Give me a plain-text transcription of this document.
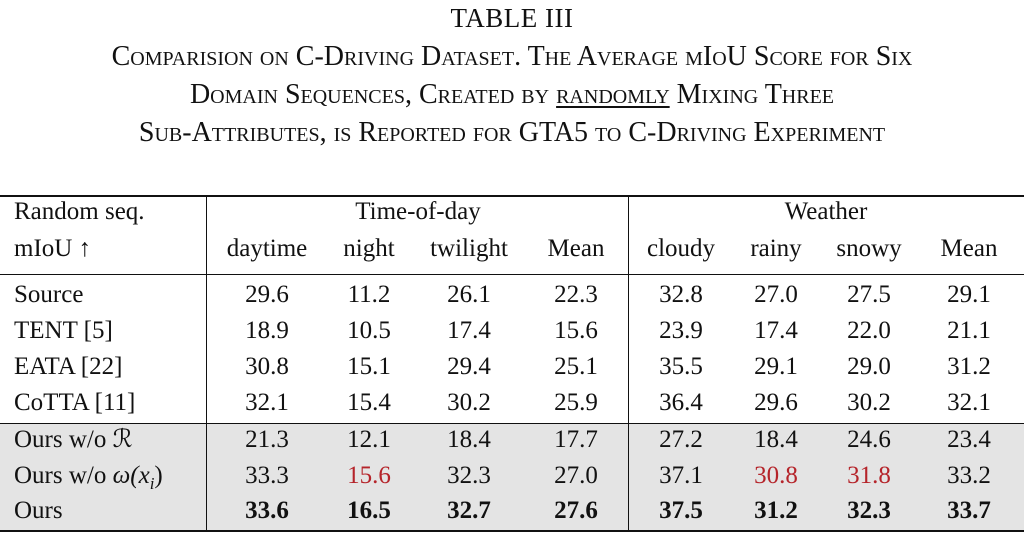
TABLE III
Comparision on C-Driving Dataset. The Average mIoU Score for Six
Domain Sequences, Created by randomly Mixing Three
Sub-Attributes, is Reported for GTA5 to C-Driving Experiment
Random seq.
mIoU ↑
Time-of-day	Weather
daytime night twilight Mean cloudy rainy snowy Mean
Source	29.6 11.2 26.1	22.3 32.8 27.0 27.5 29.1
TENT [5]	18.9 10.5 17.4	15.6 23.9 17.4 22.0 21.1
EATA [22]	30.8 15.1 29.4	25.1 35.5 29.1 29.0 31.2
CoTTA [11]	32.1 15.4 30.2	25.9 36.4 29.6 30.2 32.1
Ours w/o ℛ	21.3 12.1 18.4	17.7 27.2 18.4 24.6 23.4
Ours w/o $\omega(x_i)$	33.3 15.6 32.3	27.0 37.1 30.8 31.8 33.2
Ours	33.6 16.5 32.7	27.6 37.5 31.2 32.3 33.7
